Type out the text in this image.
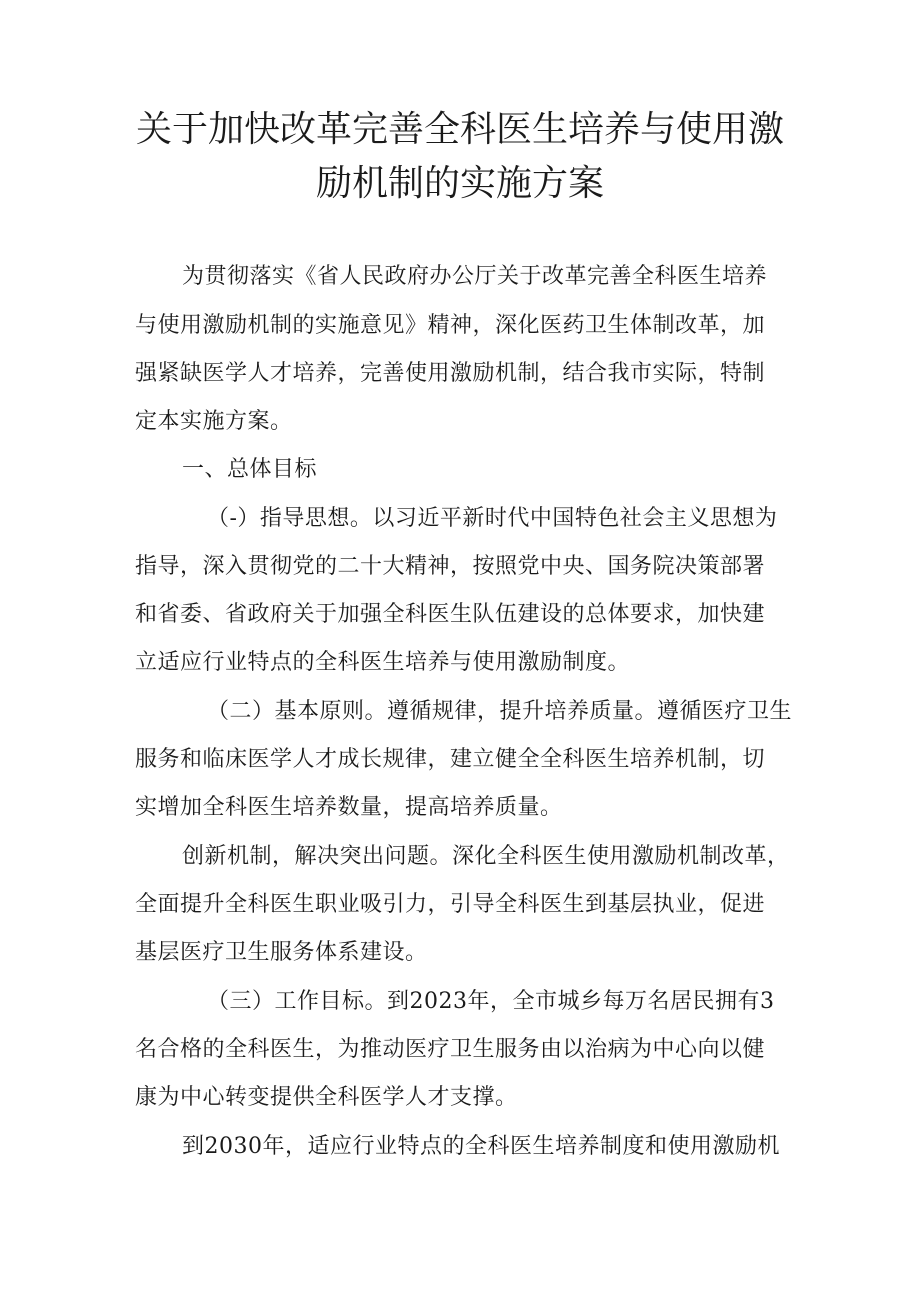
关于加快改革完善全科医生培养与使用激
励机制的实施方案

为贯彻落实《省人民政府办公厅关于改革完善全科医生培养

与使用激励机制的实施意见》精神，深化医药卫生体制改革，加

强紧缺医学人才培养，完善使用激励机制，结合我市实际，特制

定本实施方案。

一、总体目标

（-）指导思想。以习近平新时代中国特色社会主义思想为

指导，深入贯彻党的二十大精神，按照党中央、国务院决策部署

和省委、省政府关于加强全科医生队伍建设的总体要求，加快建

立适应行业特点的全科医生培养与使用激励制度。

（二）基本原则。遵循规律，提升培养质量。遵循医疗卫生

服务和临床医学人才成长规律，建立健全全科医生培养机制，切

实增加全科医生培养数量，提高培养质量。

创新机制，解决突出问题。深化全科医生使用激励机制改革，

全面提升全科医生职业吸引力，引导全科医生到基层执业，促进

基层医疗卫生服务体系建设。

（三）工作目标。到2023年，全市城乡每万名居民拥有3

名合格的全科医生，为推动医疗卫生服务由以治病为中心向以健

康为中心转变提供全科医学人才支撑。

到2030年，适应行业特点的全科医生培养制度和使用激励机
